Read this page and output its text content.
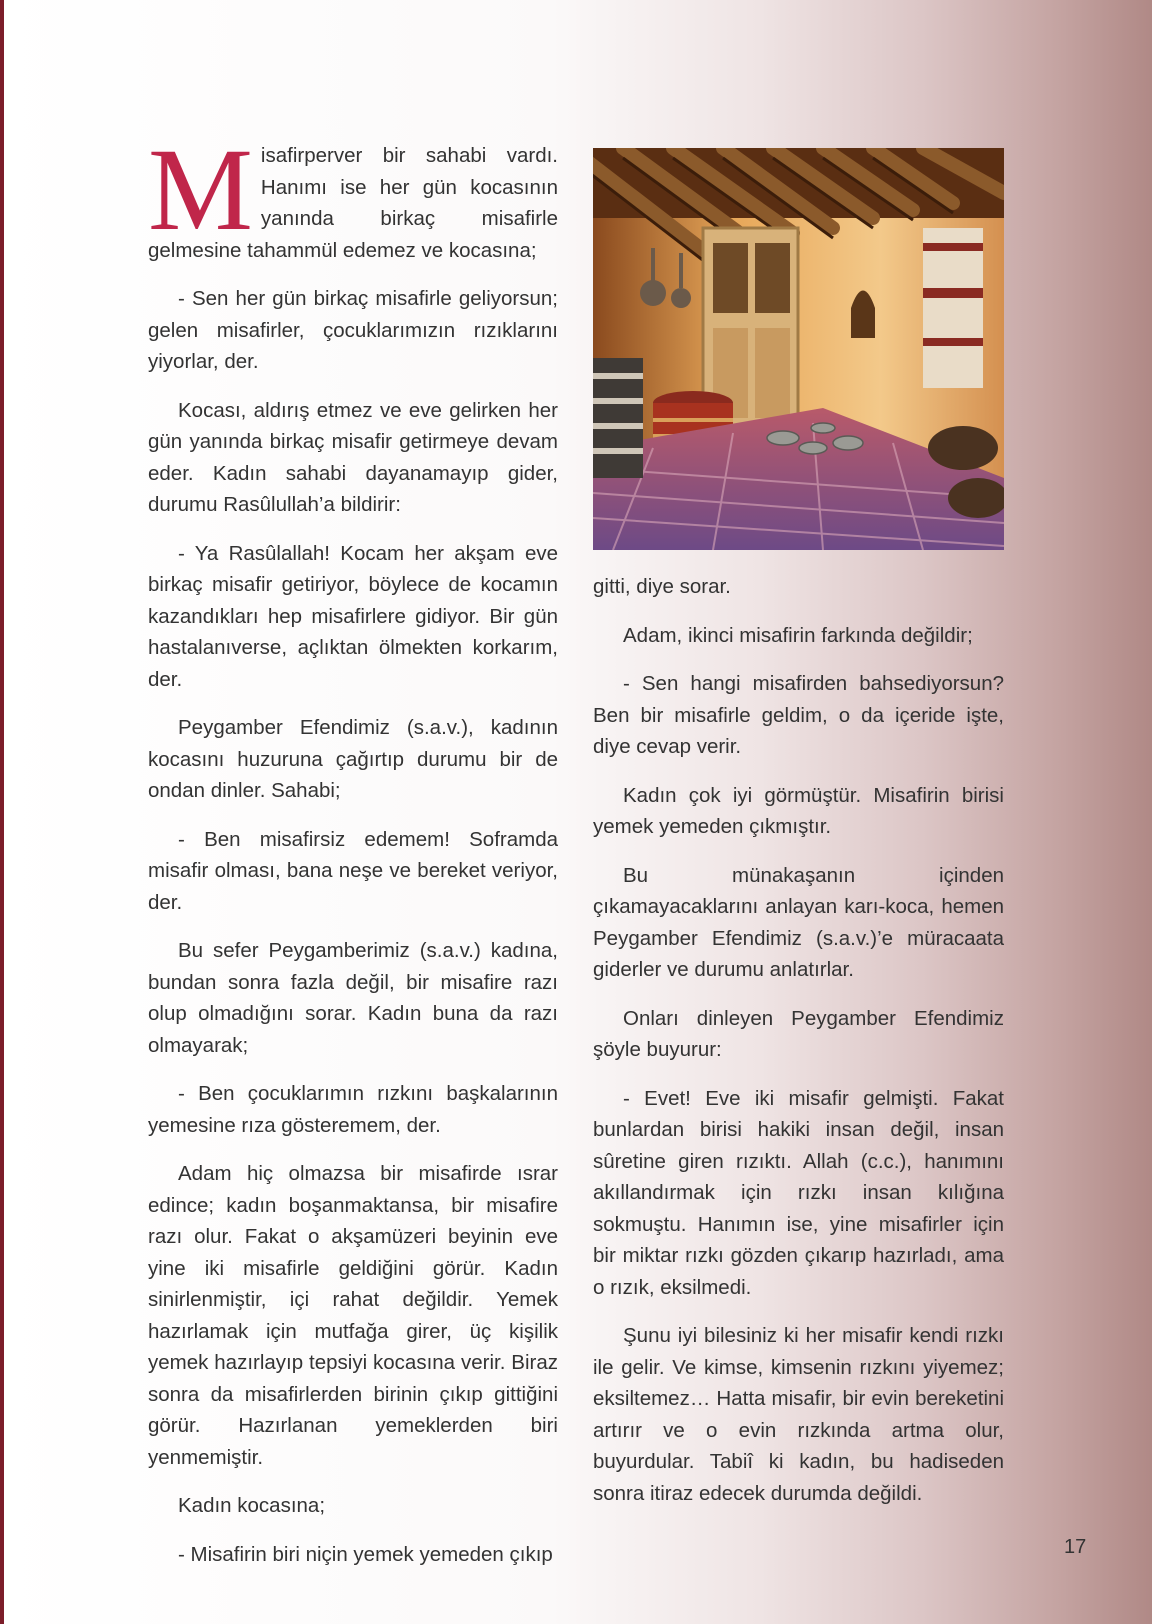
Misafirperver bir sahabi vardı. Hanımı ise her gün kocasının yanında birkaç misafirle gelmesine tahammül edemez ve kocasına;

- Sen her gün birkaç misafirle geliyorsun; gelen misafirler, çocuklarımızın rızıklarını yiyorlar, der.

Kocası, aldırış etmez ve eve gelirken her gün yanında birkaç misafir getirmeye devam eder. Kadın sahabi dayanamayıp gider, durumu Rasûlullah’a bildirir:

- Ya Rasûlallah! Kocam her akşam eve birkaç misafir getiriyor, böylece de kocamın kazandıkları hep misafirlere gidiyor. Bir gün hastalanıverse, açlıktan ölmekten korkarım, der.

Peygamber Efendimiz (s.a.v.), kadının kocasını huzuruna çağırtıp durumu bir de ondan dinler. Sahabi;

- Ben misafirsiz edemem! Soframda misafir olması, bana neşe ve bereket veriyor, der.

Bu sefer Peygamberimiz (s.a.v.) kadına, bundan sonra fazla değil, bir misafire razı olup olmadığını sorar. Kadın buna da razı olmayarak;

- Ben çocuklarımın rızkını başkalarının yemesine rıza gösteremem, der.

Adam hiç olmazsa bir misafirde ısrar edince; kadın boşanmaktansa, bir misafire razı olur. Fakat o akşamüzeri beyinin eve yine iki misafirle geldiğini görür. Kadın sinirlenmiştir, içi rahat değildir. Yemek hazırlamak için mutfağa girer, üç kişilik yemek hazırlayıp tepsiyi kocasına verir. Biraz sonra da misafirlerden birinin çıkıp gittiğini görür. Hazırlanan yemeklerden biri yenmemiştir.

Kadın kocasına;

- Misafirin biri niçin yemek yemeden çıkıp

gitti, diye sorar.

Adam, ikinci misafirin farkında değildir;

- Sen hangi misafirden bahsediyorsun? Ben bir misafirle geldim, o da içeride işte, diye cevap verir.

Kadın çok iyi görmüştür. Misafirin birisi yemek yemeden çıkmıştır.

Bu münakaşanın içinden çıkamayacaklarını anlayan karı-koca, hemen Peygamber Efendimiz (s.a.v.)’e müracaata giderler ve durumu anlatırlar.

Onları dinleyen Peygamber Efendimiz şöyle buyurur:

- Evet! Eve iki misafir gelmişti. Fakat bunlardan birisi hakiki insan değil, insan sûretine giren rızıktı. Allah (c.c.), hanımını akıllandırmak için rızkı insan kılığına sokmuştu. Hanımın ise, yine misafirler için bir miktar rızkı gözden çıkarıp hazırladı, ama o rızık, eksilmedi.

Şunu iyi bilesiniz ki her misafir kendi rızkı ile gelir. Ve kimse, kimsenin rızkını yiyemez; eksiltemez… Hatta misafir, bir evin bereketini artırır ve o evin rızkında artma olur, buyurdular. Tabiî ki kadın, bu hadiseden sonra itiraz edecek durumda değildi.

17
